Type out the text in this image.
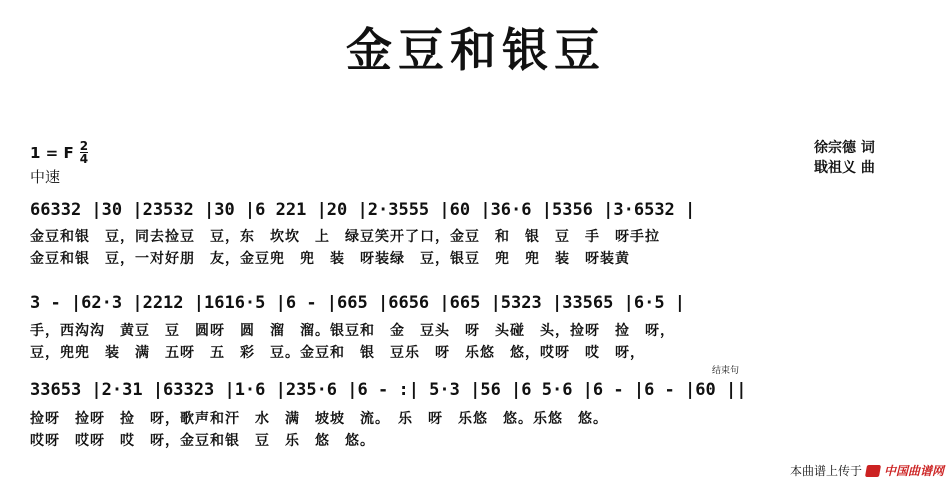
金豆和银豆
1 = F $\frac{2}{4}$
中速
徐宗德 词
戢祖义 曲
66332 |30 |23532 |30 |6 221 |20 |2·3555 |60 |36·6 |5356 |3·6532 |
金豆和银　豆，同去捡豆　豆，东　坎坎　上　绿豆笑开了口，金豆　和　银　豆　手　呀手拉
金豆和银　豆，一对好朋　友，金豆兜　兜　装　呀装绿　豆，银豆　兜　兜　装　呀装黄
3 - |62·3 |2212 |1616·5 |6 - |665 |6656 |665 |5323 |33565 |6·5 |
手，西沟沟　黄豆　豆　圆呀　圆　溜　溜。银豆和　金　豆头　呀　头碰　头，捡呀　捡　呀，
豆，兜兜　装　满　五呀　五　彩　豆。金豆和　银　豆乐　呀　乐悠　悠，哎呀　哎　呀，
结束句
33653 |2·31 |63323 |1·6 |235·6 |6 - :| 5·3 |56 |6 5·6 |6 - |6 - |60 ||
捡呀　捡呀　捡　呀，歌声和汗　水　满　坡坡　流。　乐　呀　乐悠　悠。乐悠　悠。
哎呀　哎呀　哎　呀，金豆和银　豆　乐　悠　悠。
本曲谱上传于 中国曲谱网
